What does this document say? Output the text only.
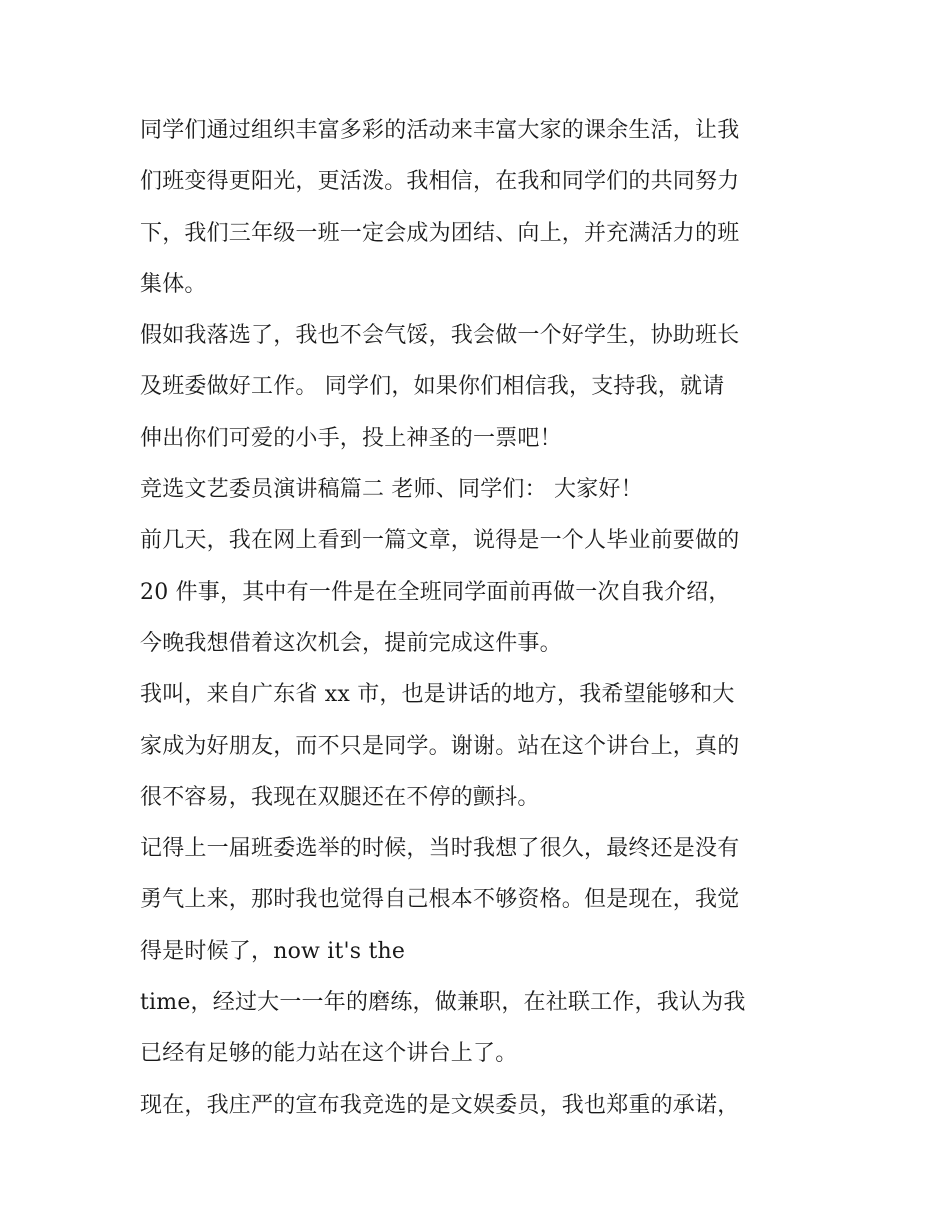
同学们通过组织丰富多彩的活动来丰富大家的课余生活，让我
们班变得更阳光，更活泼。我相信，在我和同学们的共同努力
下，我们三年级一班一定会成为团结、向上，并充满活力的班
集体。
假如我落选了，我也不会气馁，我会做一个好学生，协助班长
及班委做好工作。 同学们，如果你们相信我，支持我，就请
伸出你们可爱的小手，投上神圣的一票吧！
竞选文艺委员演讲稿篇二 老师、同学们： 大家好！
前几天，我在网上看到一篇文章，说得是一个人毕业前要做的
20 件事，其中有一件是在全班同学面前再做一次自我介绍，
今晚我想借着这次机会，提前完成这件事。
我叫，来自广东省 xx 市，也是讲话的地方，我希望能够和大
家成为好朋友，而不只是同学。谢谢。站在这个讲台上，真的
很不容易，我现在双腿还在不停的颤抖。
记得上一届班委选举的时候，当时我想了很久，最终还是没有
勇气上来，那时我也觉得自己根本不够资格。但是现在，我觉
得是时候了，now it's the
time，经过大一一年的磨练，做兼职，在社联工作，我认为我
已经有足够的能力站在这个讲台上了。
现在，我庄严的宣布我竞选的是文娱委员，我也郑重的承诺，
